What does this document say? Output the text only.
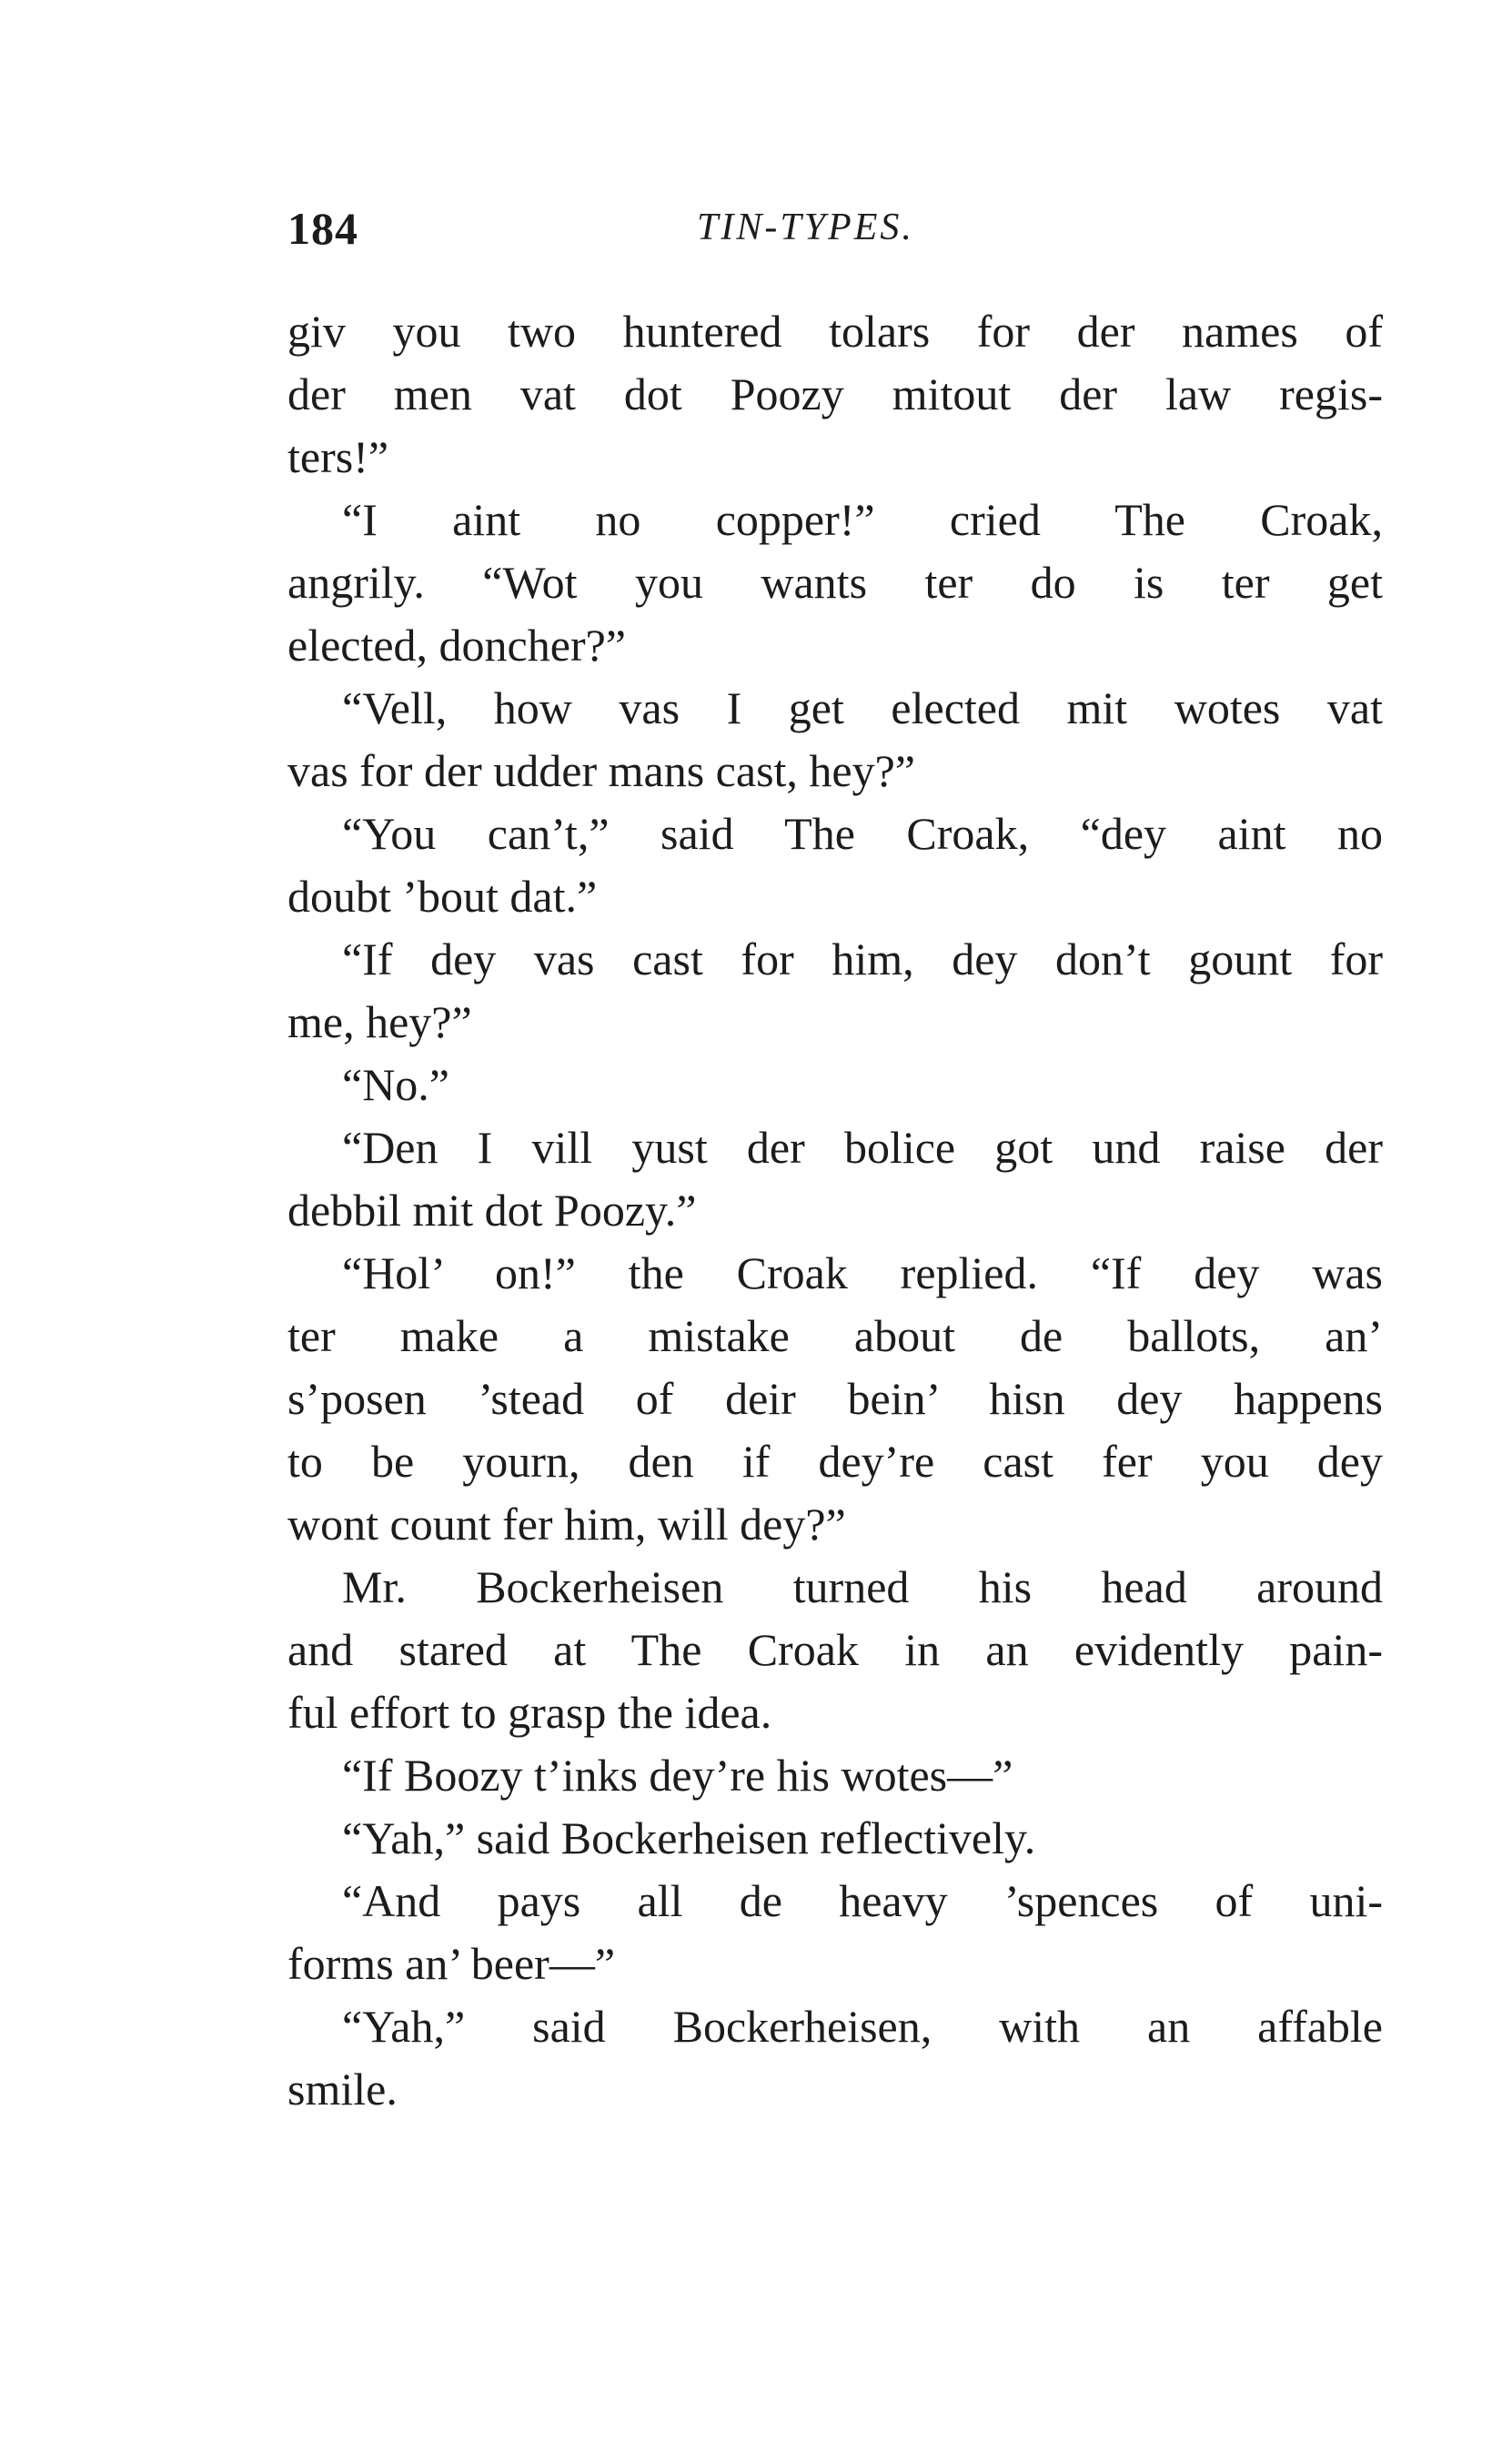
184	TIN-TYPES.
giv you two huntered tolars for der names of
der men vat dot Poozy mitout der law regis-
ters!”
“I aint no copper!” cried The Croak,
angrily. “Wot you wants ter do is ter get
elected, doncher?”
“Vell, how vas I get elected mit wotes vat
vas for der udder mans cast, hey?”
“You can’t,” said The Croak, “dey aint no
doubt ’bout dat.”
“If dey vas cast for him, dey don’t gount for
me, hey?”
“No.”
“Den I vill yust der bolice got und raise der
debbil mit dot Poozy.”
“Hol’ on!” the Croak replied. “If dey was
ter make a mistake about de ballots, an’
s’posen ’stead of deir bein’ hisn dey happens
to be yourn, den if dey’re cast fer you dey
wont count fer him, will dey?”
Mr. Bockerheisen turned his head around
and stared at The Croak in an evidently pain-
ful effort to grasp the idea.
“If Boozy t’inks dey’re his wotes—”
“Yah,” said Bockerheisen reflectively.
“And pays all de heavy ’spences of uni-
forms an’ beer—”
“Yah,” said Bockerheisen, with an affable
smile.
